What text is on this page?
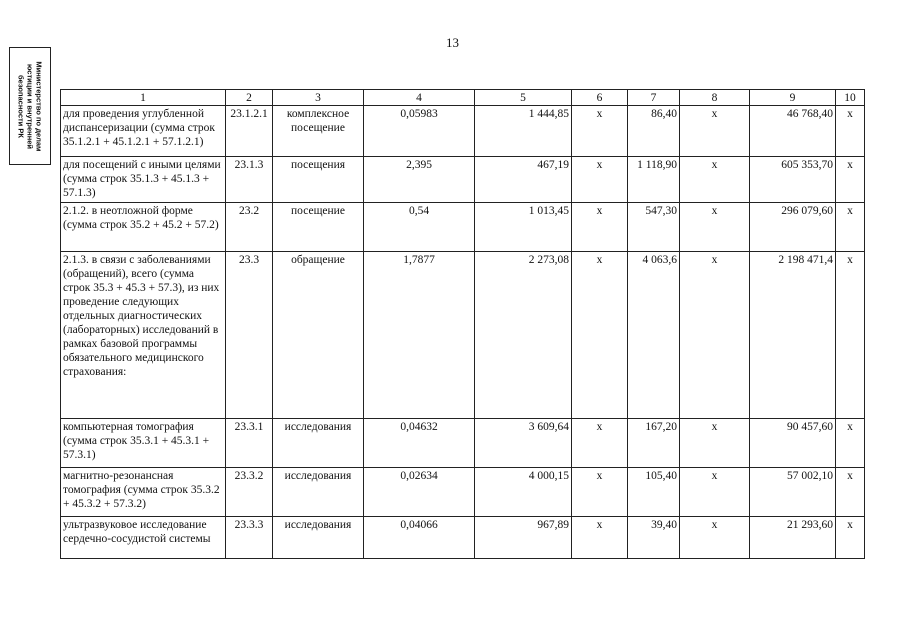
13
Министерство по делам
юстиции и внутренней
безопасности РК	1	2	3	4	5	6	7	8	9	10
для проведения углубленной диспансеризации (сумма строк 35.1.2.1 + 45.1.2.1 + 57.1.2.1)	23.1.2.1	комплексное посещение	0,05983	1 444,85	x	86,40	x	46 768,40	x
для посещений с иными целями (сумма строк 35.1.3 + 45.1.3 + 57.1.3)	23.1.3	посещения	2,395	467,19	x	1 118,90	x	605 353,70	x
2.1.2. в неотложной форме (сумма строк 35.2 + 45.2 + 57.2)	23.2	посещение	0,54	1 013,45	x	547,30	x	296 079,60	x
2.1.3. в связи с заболеваниями (обращений), всего (сумма строк 35.3 + 45.3 + 57.3), из них проведение следующих отдельных диагностических (лабораторных) исследований в рамках базовой программы обязательного медицинского страхования:	23.3	обращение	1,7877	2 273,08	x	4 063,6	x	2 198 471,4	x
компьютерная томография (сумма строк 35.3.1 + 45.3.1 + 57.3.1)	23.3.1	исследования	0,04632	3 609,64	x	167,20	x	90 457,60	x
магнитно-резонансная томография (сумма строк 35.3.2 + 45.3.2 + 57.3.2)	23.3.2	исследования	0,02634	4 000,15	x	105,40	x	57 002,10	x
ультразвуковое исследование сердечно-сосудистой системы	23.3.3	исследования	0,04066	967,89	x	39,40	x	21 293,60	x
